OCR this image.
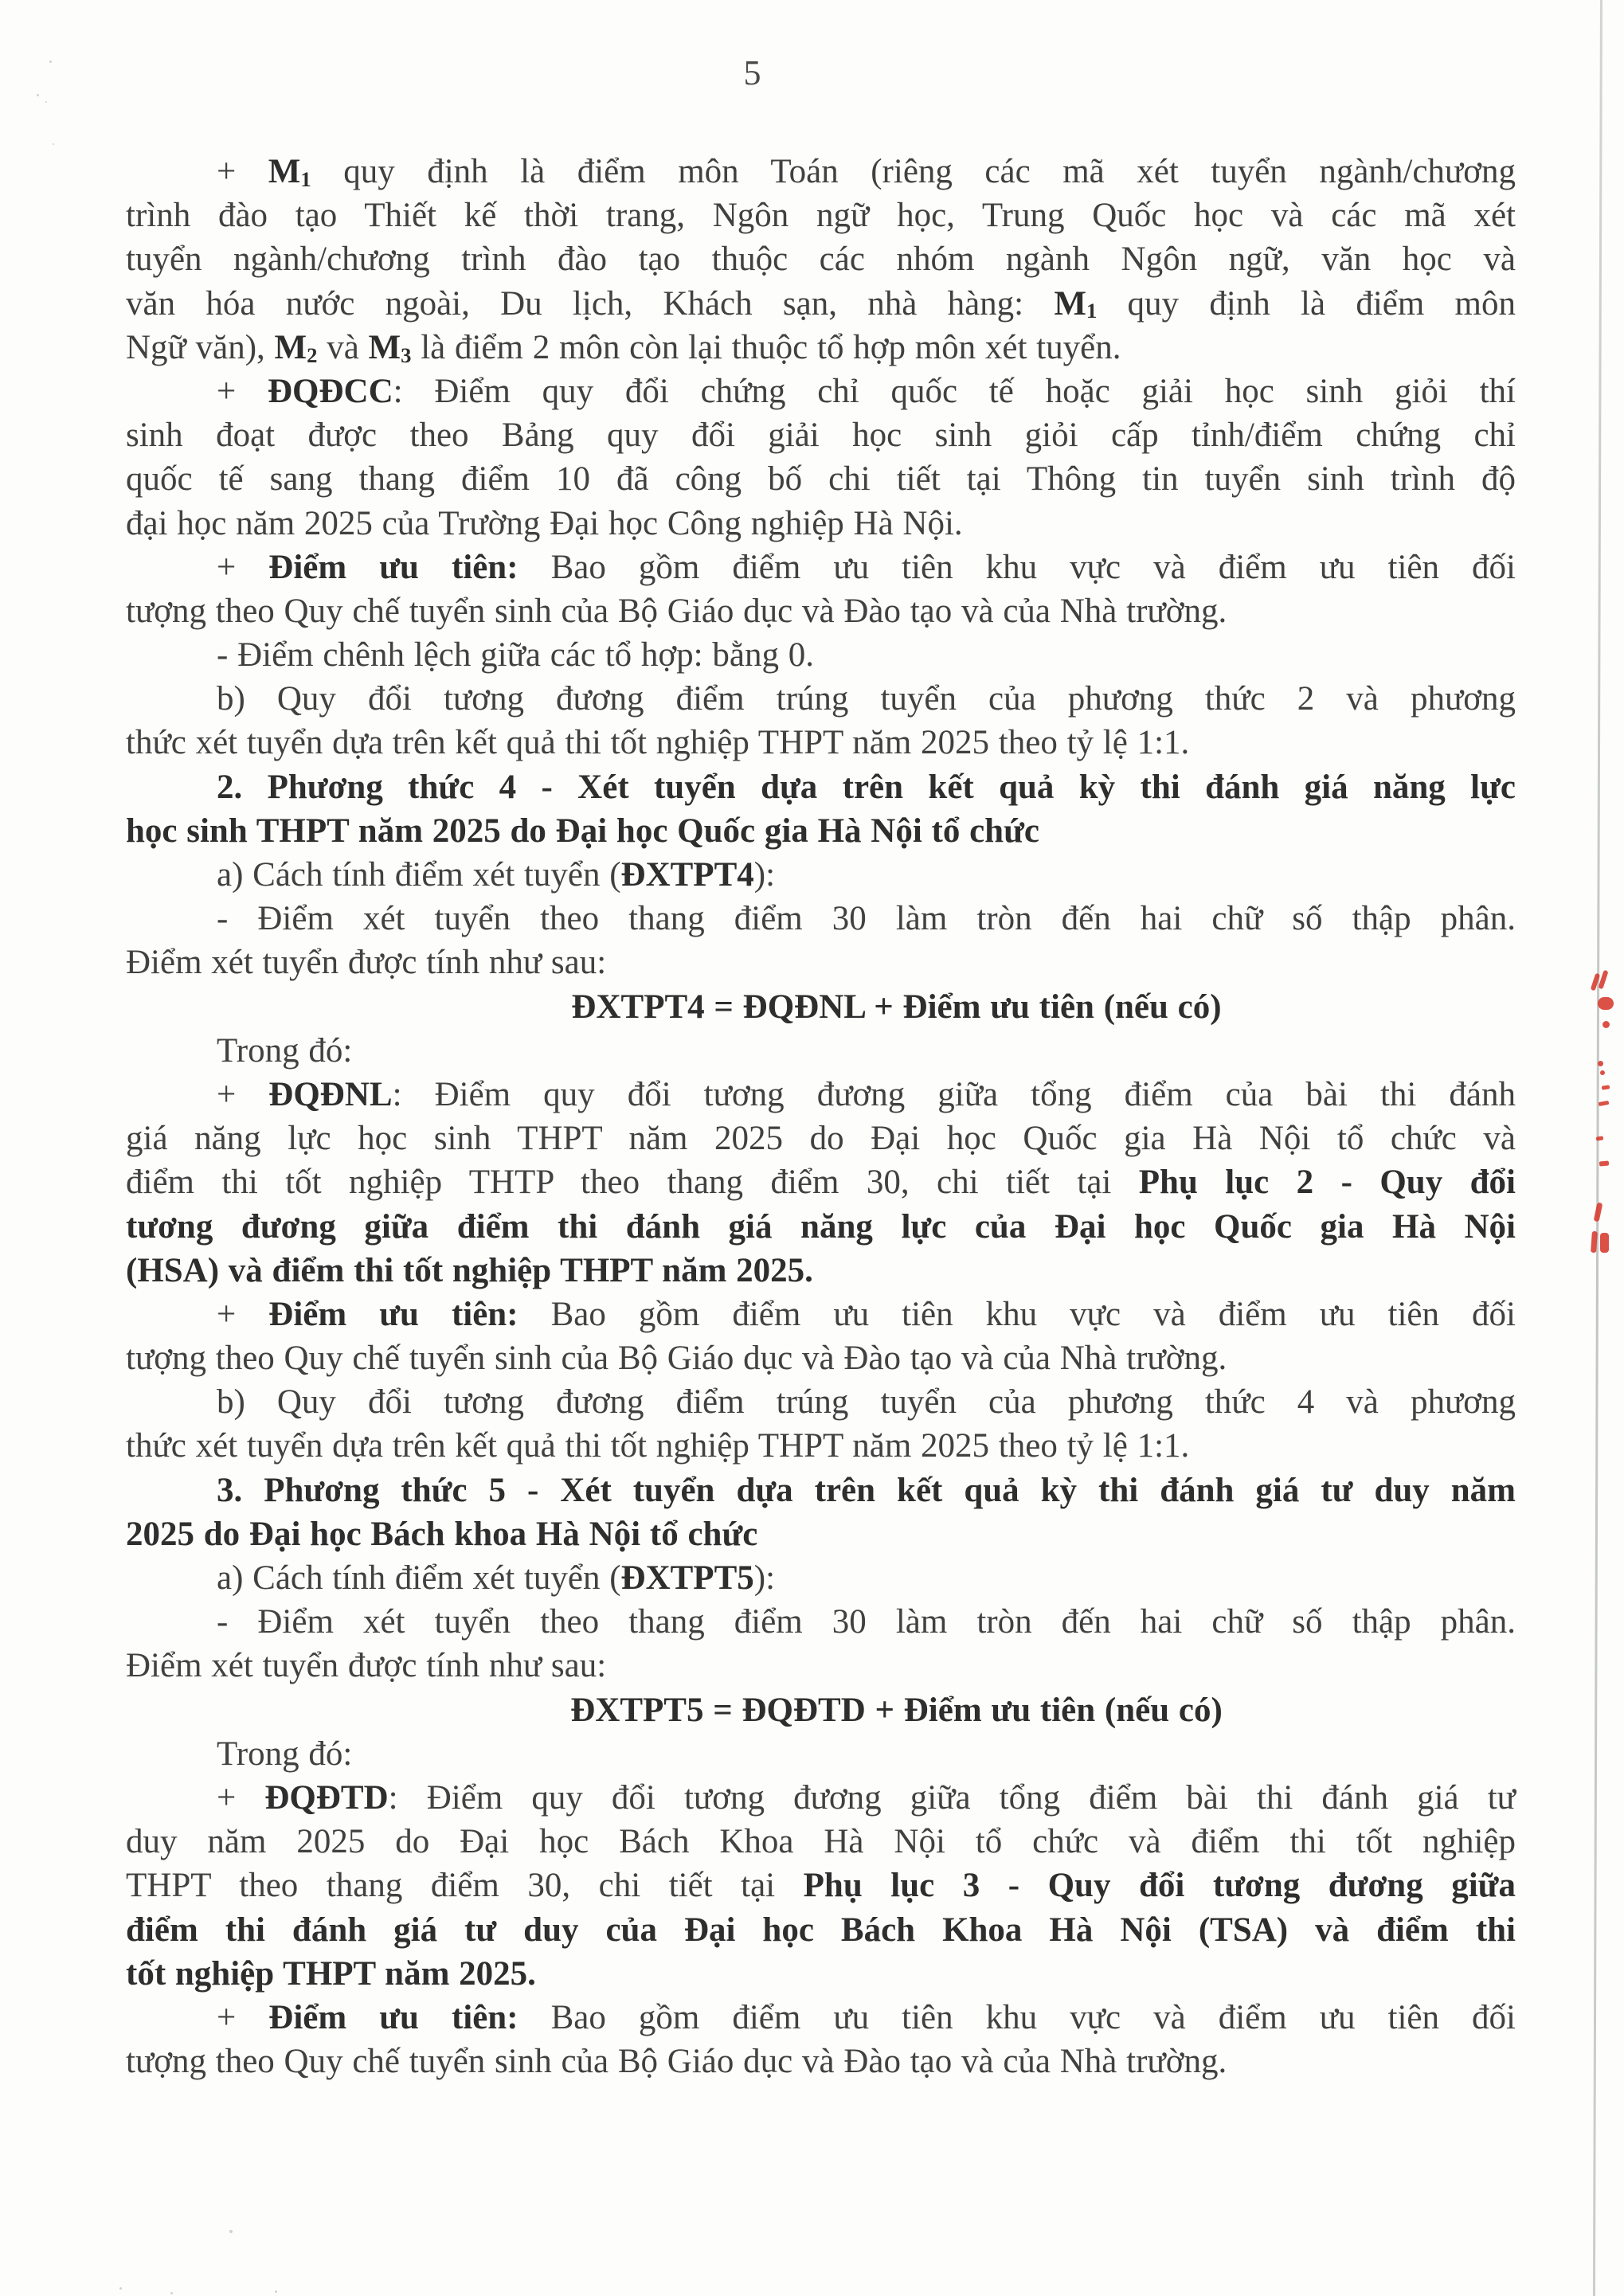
5
+ M1 quy định là điểm môn Toán (riêng các mã xét tuyển ngành/chương
trình đào tạo Thiết kế thời trang, Ngôn ngữ học, Trung Quốc học và các mã xét
tuyển ngành/chương trình đào tạo thuộc các nhóm ngành Ngôn ngữ, văn học và
văn hóa nước ngoài, Du lịch, Khách sạn, nhà hàng: M1 quy định là điểm môn
Ngữ văn), M2 và M3 là điểm 2 môn còn lại thuộc tổ hợp môn xét tuyển.
+ ĐQĐCC: Điểm quy đổi chứng chỉ quốc tế hoặc giải học sinh giỏi thí
sinh đoạt được theo Bảng quy đổi giải học sinh giỏi cấp tỉnh/điểm chứng chỉ
quốc tế sang thang điểm 10 đã công bố chi tiết tại Thông tin tuyển sinh trình độ
đại học năm 2025 của Trường Đại học Công nghiệp Hà Nội.
+ Điểm ưu tiên: Bao gồm điểm ưu tiên khu vực và điểm ưu tiên đối
tượng theo Quy chế tuyển sinh của Bộ Giáo dục và Đào tạo và của Nhà trường.
- Điểm chênh lệch giữa các tổ hợp: bằng 0.
b) Quy đổi tương đương điểm trúng tuyển của phương thức 2 và phương
thức xét tuyển dựa trên kết quả thi tốt nghiệp THPT năm 2025 theo tỷ lệ 1:1.
2. Phương thức 4 - Xét tuyển dựa trên kết quả kỳ thi đánh giá năng lực
học sinh THPT năm 2025 do Đại học Quốc gia Hà Nội tổ chức
a) Cách tính điểm xét tuyển (ĐXTPT4):
- Điểm xét tuyển theo thang điểm 30 làm tròn đến hai chữ số thập phân.
Điểm xét tuyển được tính như sau:
ĐXTPT4 = ĐQĐNL + Điểm ưu tiên (nếu có)
Trong đó:
+ ĐQĐNL: Điểm quy đổi tương đương giữa tổng điểm của bài thi đánh
giá năng lực học sinh THPT năm 2025 do Đại học Quốc gia Hà Nội tổ chức và
điểm thi tốt nghiệp THTP theo thang điểm 30, chi tiết tại Phụ lục 2 - Quy đổi
tương đương giữa điểm thi đánh giá năng lực của Đại học Quốc gia Hà Nội
(HSA) và điểm thi tốt nghiệp THPT năm 2025.
+ Điểm ưu tiên: Bao gồm điểm ưu tiên khu vực và điểm ưu tiên đối
tượng theo Quy chế tuyển sinh của Bộ Giáo dục và Đào tạo và của Nhà trường.
b) Quy đổi tương đương điểm trúng tuyển của phương thức 4 và phương
thức xét tuyển dựa trên kết quả thi tốt nghiệp THPT năm 2025 theo tỷ lệ 1:1.
3. Phương thức 5 - Xét tuyển dựa trên kết quả kỳ thi đánh giá tư duy năm
2025 do Đại học Bách khoa Hà Nội tổ chức
a) Cách tính điểm xét tuyển (ĐXTPT5):
- Điểm xét tuyển theo thang điểm 30 làm tròn đến hai chữ số thập phân.
Điểm xét tuyển được tính như sau:
ĐXTPT5 = ĐQĐTD + Điểm ưu tiên (nếu có)
Trong đó:
+ ĐQĐTD: Điểm quy đổi tương đương giữa tổng điểm bài thi đánh giá tư
duy năm 2025 do Đại học Bách Khoa Hà Nội tổ chức và điểm thi tốt nghiệp
THPT theo thang điểm 30, chi tiết tại Phụ lục 3 - Quy đổi tương đương giữa
điểm thi đánh giá tư duy của Đại học Bách Khoa Hà Nội (TSA) và điểm thi
tốt nghiệp THPT năm 2025.
+ Điểm ưu tiên: Bao gồm điểm ưu tiên khu vực và điểm ưu tiên đối
tượng theo Quy chế tuyển sinh của Bộ Giáo dục và Đào tạo và của Nhà trường.
